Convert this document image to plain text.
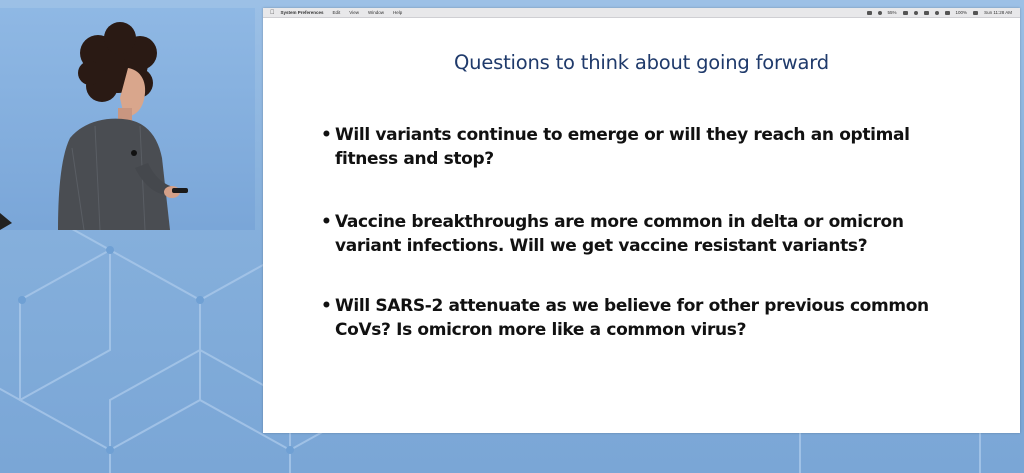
System Preferences Edit View Window Help	55%	100%	Sun 11:28 AM
Questions to think about going forward
• Will variants continue to emerge or will they reach an optimal
fitness and stop?
• Vaccine breakthroughs are more common in delta or omicron
variant infections. Will we get vaccine resistant variants?
• Will SARS-2 attenuate as we believe for other previous common
CoVs? Is omicron more like a common virus?
